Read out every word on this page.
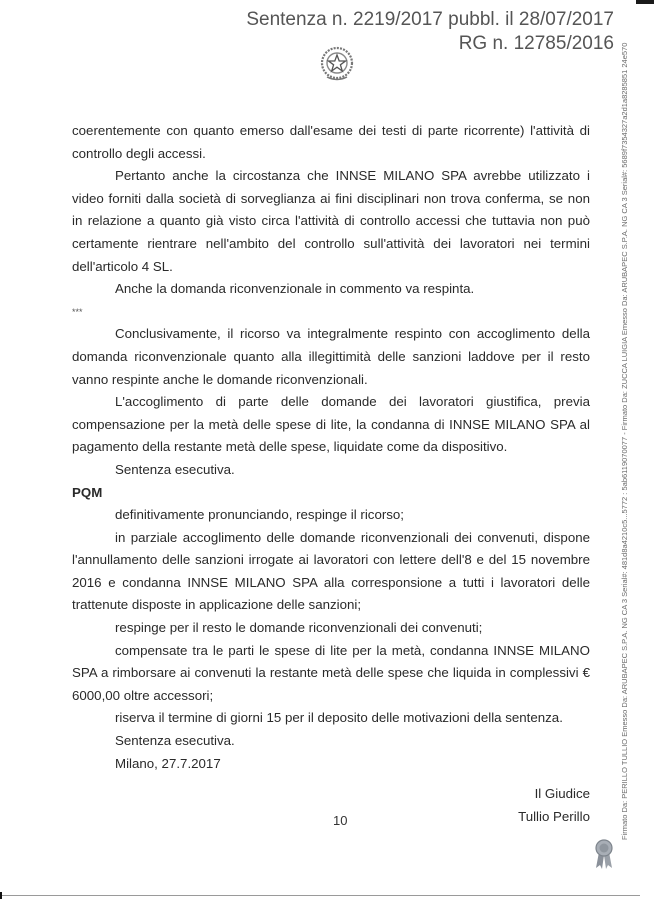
Sentenza n. 2219/2017 pubbl. il 28/07/2017
RG n. 12785/2016 Firmato Da: PERILLO TULLIO Emesso Da: ARUBAPEC S.P.A. NG CA 3 Serial#: 481d8a4210c5...5772 : 5ab6119070077 - Firmato Da: ZUCCA LUIGIA Emesso Da: ARUBAPEC S.P.A. NG CA 3 Serial#: 5689f7354327a2d1a8285851 24e570

coerentemente con quanto emerso dall'esame dei testi di parte ricorrente) l'attività di controllo degli accessi.

Pertanto anche la circostanza che INNSE MILANO SPA avrebbe utilizzato i video forniti dalla società di sorveglianza ai fini disciplinari non trova conferma, se non in relazione a quanto già visto circa l'attività di controllo accessi che tuttavia non può certamente rientrare nell'ambito del controllo sull'attività dei lavoratori nei termini dell'articolo 4 SL.

Anche la domanda riconvenzionale in commento va respinta.

***

Conclusivamente, il ricorso va integralmente respinto con accoglimento della domanda riconvenzionale quanto alla illegittimità delle sanzioni laddove per il resto vanno respinte anche le domande riconvenzionali.

L'accoglimento di parte delle domande dei lavoratori giustifica, previa compensazione per la metà delle spese di lite, la condanna di INNSE MILANO SPA al pagamento della restante metà delle spese, liquidate come da dispositivo.

Sentenza esecutiva.

PQM

definitivamente pronunciando, respinge il ricorso;

in parziale accoglimento delle domande riconvenzionali dei convenuti, dispone l'annullamento delle sanzioni irrogate ai lavoratori con lettere dell'8 e del 15 novembre 2016 e condanna INNSE MILANO SPA alla corresponsione a tutti i lavoratori delle trattenute disposte in applicazione delle sanzioni;

respinge per il resto le domande riconvenzionali dei convenuti;

compensate tra le parti le spese di lite per la metà, condanna INNSE MILANO SPA a rimborsare ai convenuti la restante metà delle spese che liquida in complessivi € 6000,00 oltre accessori;

riserva il termine di giorni 15 per il deposito delle motivazioni della sentenza.

Sentenza esecutiva.

Milano, 27.7.2017

Il Giudice

Tullio Perillo

10
